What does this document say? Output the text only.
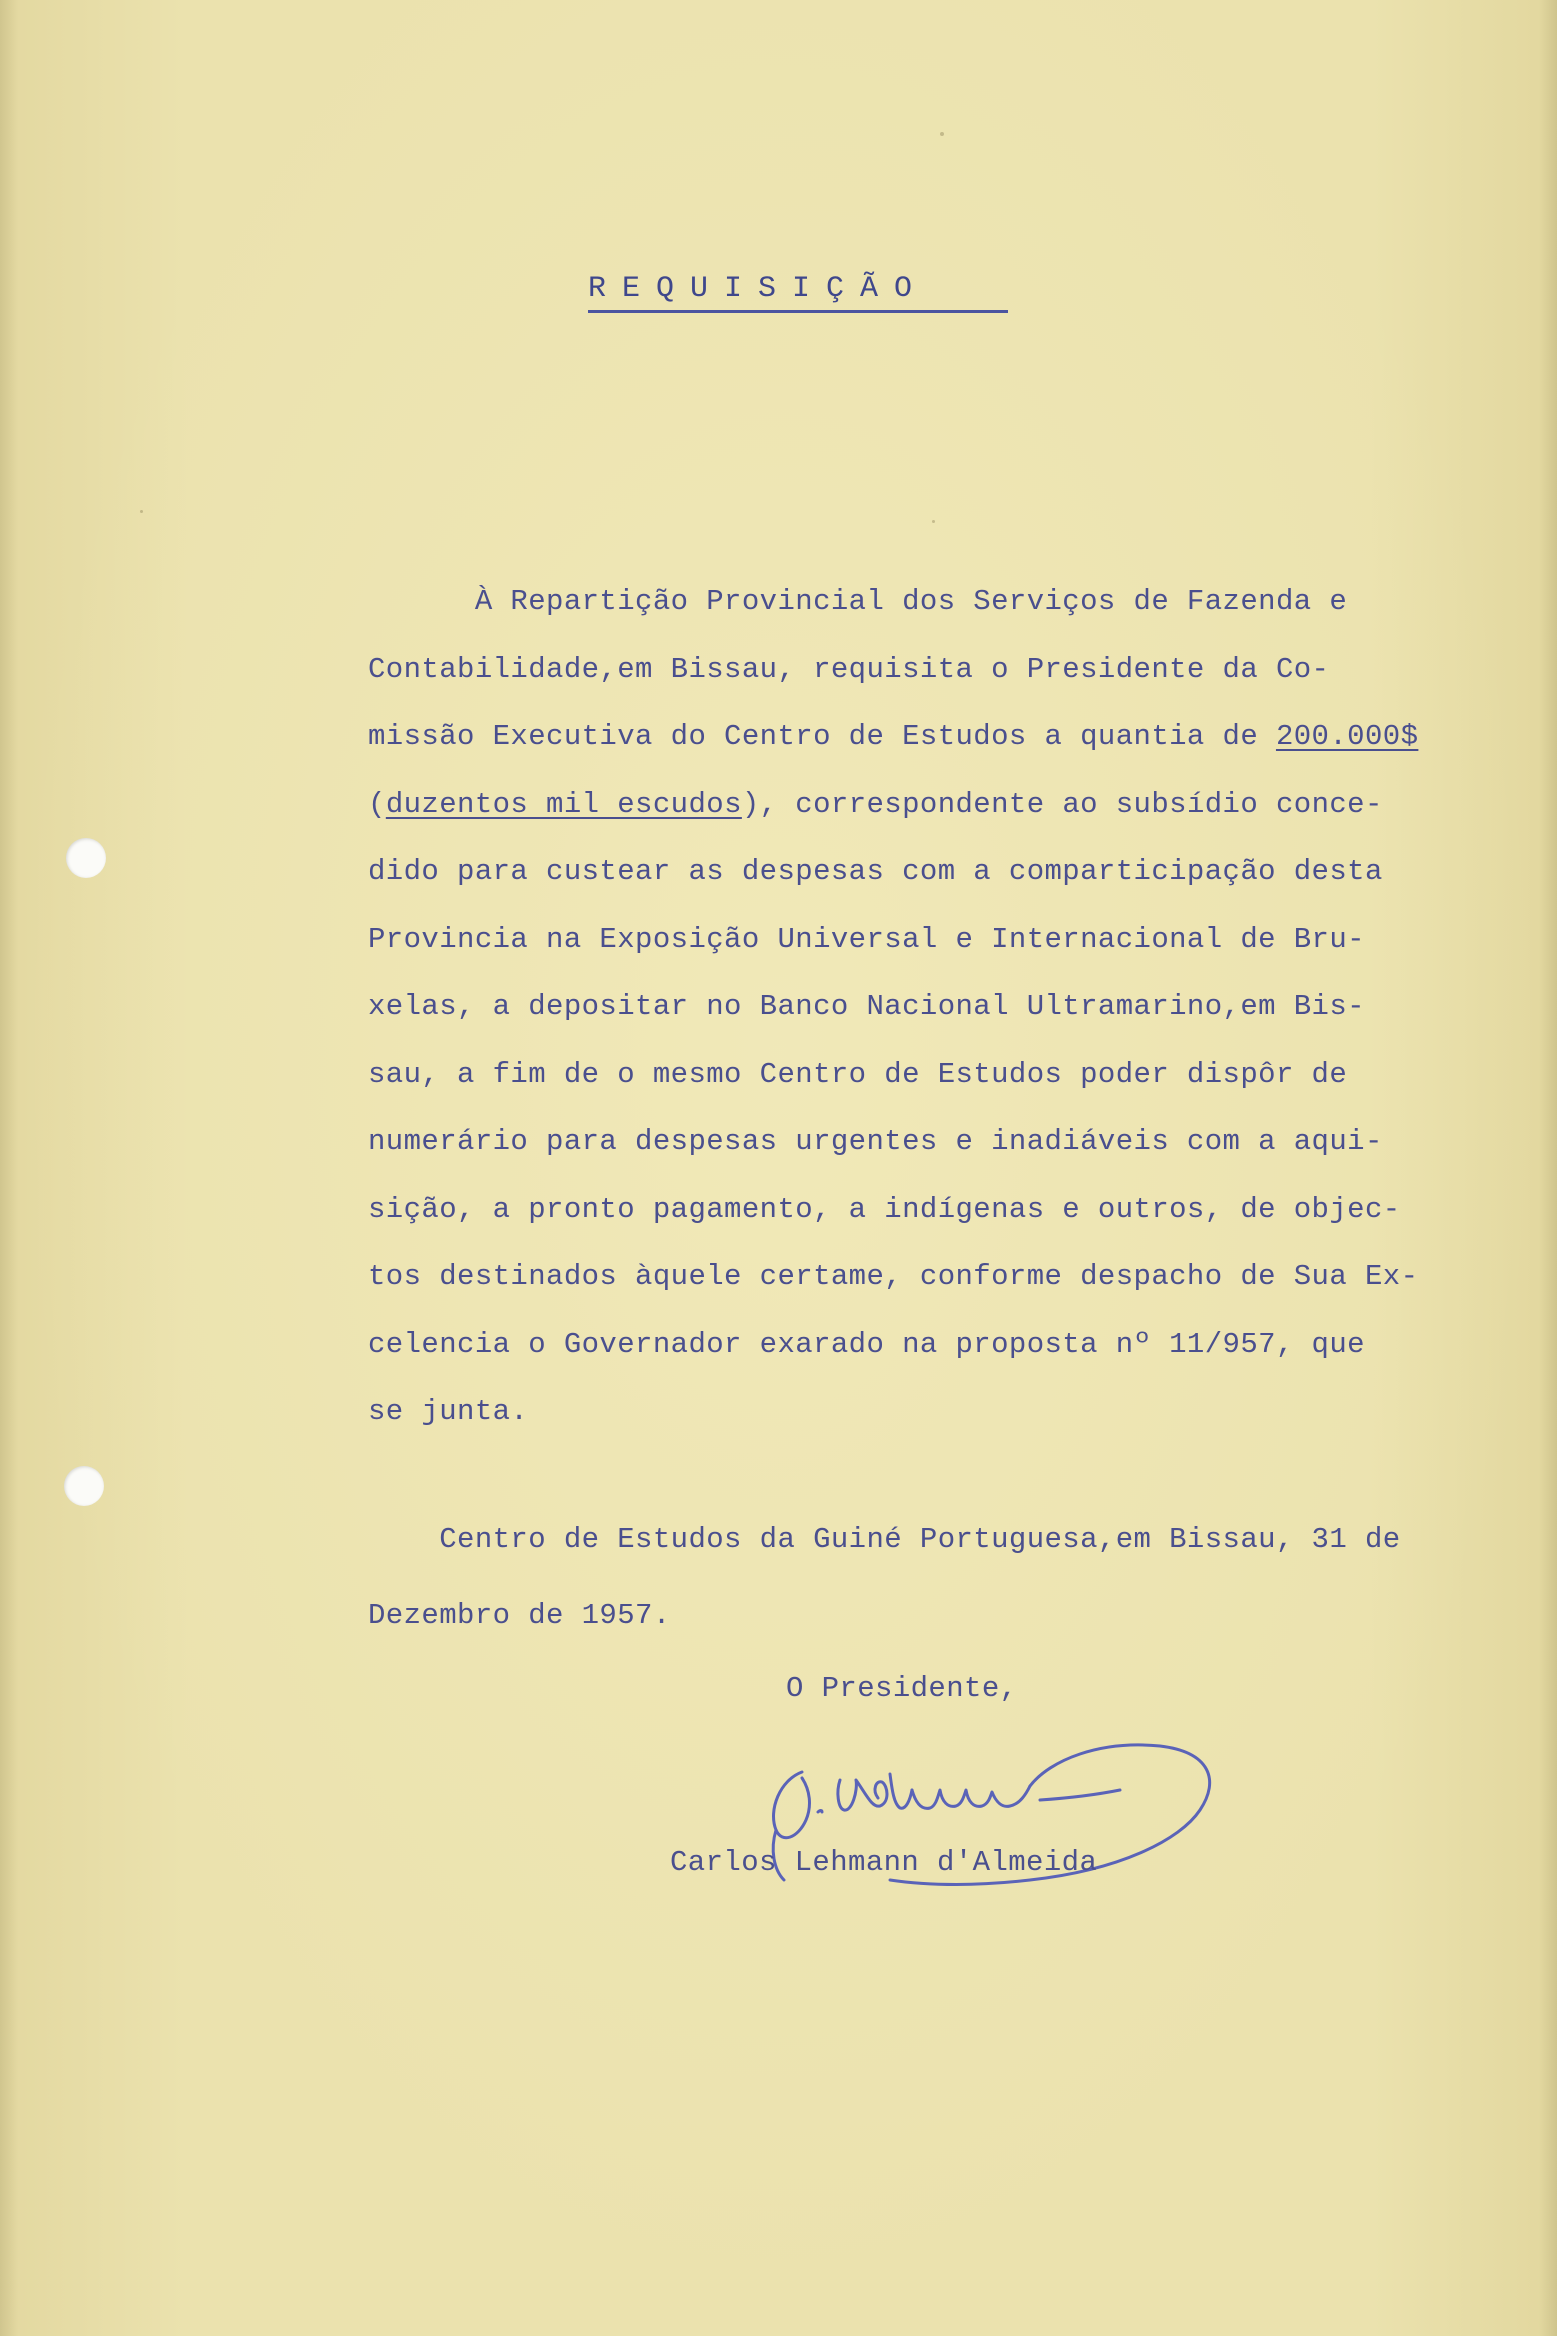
REQUISIÇÃO
À Repartição Provincial dos Serviços de Fazenda e
Contabilidade,em Bissau, requisita o Presidente da Co-
missão Executiva do Centro de Estudos a quantia de 200.000$
(duzentos mil escudos), correspondente ao subsídio conce-
dido para custear as despesas com a comparticipação desta
Provincia na Exposição Universal e Internacional de Bru-
xelas, a depositar no Banco Nacional Ultramarino,em Bis-
sau, a fim de o mesmo Centro de Estudos poder dispôr de
numerário para despesas urgentes e inadiáveis com a aqui-
sição, a pronto pagamento, a indígenas e outros, de objec-
tos destinados àquele certame, conforme despacho de Sua Ex-
celencia o Governador exarado na proposta nº 11/957, que
se junta.
Centro de Estudos da Guiné Portuguesa,em Bissau, 31 de
Dezembro de 1957.
O Presidente,
Carlos Lehmann d'Almeida
